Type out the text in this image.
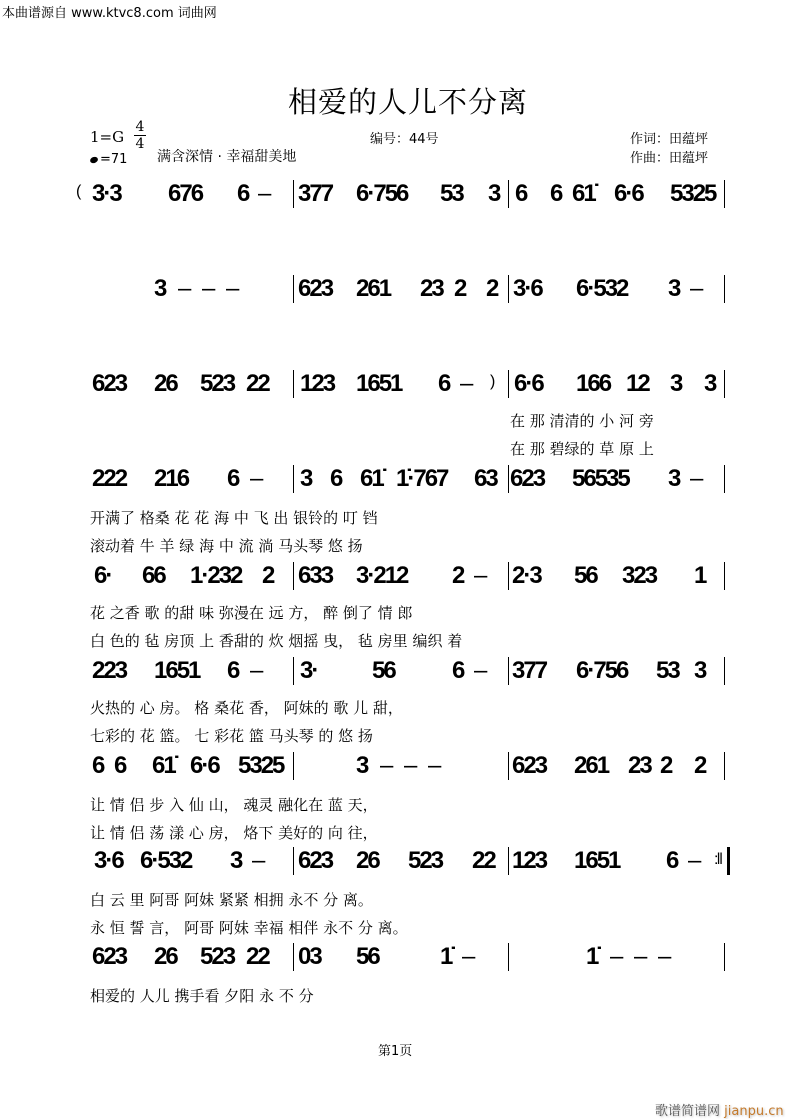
本曲谱源自 www.ktvc8.com 词曲网
相爱的人儿不分离
编号：44号	作词：田蕴坪
作曲：田蕴坪
1=G
4
4
=71 满含深情 · 幸福甜美地
( 3·3 676 6 – 377 6·756 53 3 6 6 61̇ 6·6 5325
3 – – –	623 261 23 2 2 3·6 6·532 3 –
623 26 523 22 123 1651 6 – ) 6·6 166 12 3 3
在 那 清清的 小 河 旁
在 那 碧绿的 草 原 上
222 216 6 – 3 6 61̇ 1̇·767 63 623 56535 3 –
开满了 格桑 花 花 海 中 飞 出 银铃的 叮 铛
滚动着 牛 羊 绿 海 中 流 淌 马头琴 悠 扬
6· 66 1·232 2 633 3·212 2 – 2·3 56 323 1
花 之香 歌 的甜 味 弥漫在 远 方， 醉 倒了 情 郎
白 色的 毡 房顶 上 香甜的 炊 烟摇 曳， 毡 房里 编织 着
223 1651 6 – 3· 56 6 – 377 6·756 53 3
火热的 心 房。 格 桑花 香， 阿妹的 歌 儿 甜，
七彩的 花 篮。 七 彩花 篮 马头琴 的 悠 扬
6 6 61̇ 6·6 5325	3 – – –	623 261 23 2 2
让 情 侣 步 入 仙 山， 魂灵 融化在 蓝 天，
让 情 侣 荡 漾 心 房， 烙下 美好的 向 往，
3·6 6·532 3 – 623 26 523 22 123 1651 6 – :‖
白 云 里 阿哥 阿妹 紧紧 相拥 永不 分 离。
永 恒 誓 言， 阿哥 阿妹 幸福 相伴 永不 分 离。
623 26 523 22 03 56	1̇ –	1̇ – – –
相爱的 人儿 携手看 夕阳 永 不 分
第1页
歌谱简谱网 jianpu.cn
